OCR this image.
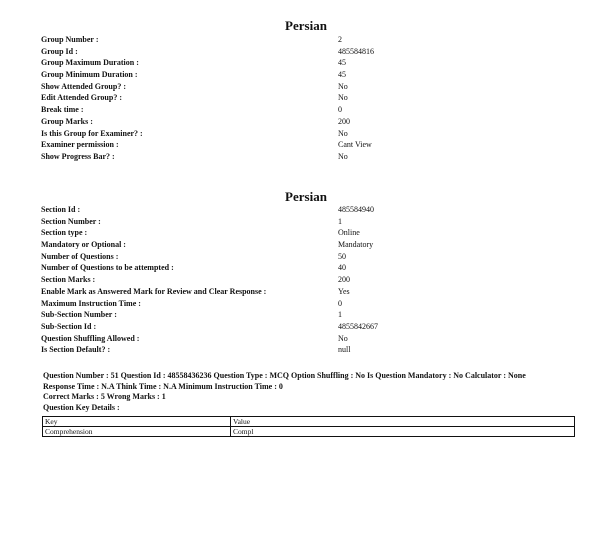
Persian
Group Number :	2
Group Id :	485584816
Group Maximum Duration :	45
Group Minimum Duration :	45
Show Attended Group? :	No
Edit Attended Group? :	No
Break time :	0
Group Marks :	200
Is this Group for Examiner? :	No
Examiner permission :	Cant View
Show Progress Bar? :	No
Persian
Section Id :	485584940
Section Number :	1
Section type :	Online
Mandatory or Optional :	Mandatory
Number of Questions :	50
Number of Questions to be attempted :	40
Section Marks :	200
Enable Mark as Answered Mark for Review and Clear Response :	Yes
Maximum Instruction Time :	0
Sub-Section Number :	1
Sub-Section Id :	4855842667
Question Shuffling Allowed :	No
Is Section Default? :	null
Question Number : 51 Question Id : 48558436236 Question Type : MCQ Option Shuffling : No Is Question Mandatory : No Calculator : None
Response Time : N.A Think Time : N.A Minimum Instruction Time : 0
Correct Marks : 5 Wrong Marks : 1
Question Key Details :
Key	Value
Comprehension	Compl
